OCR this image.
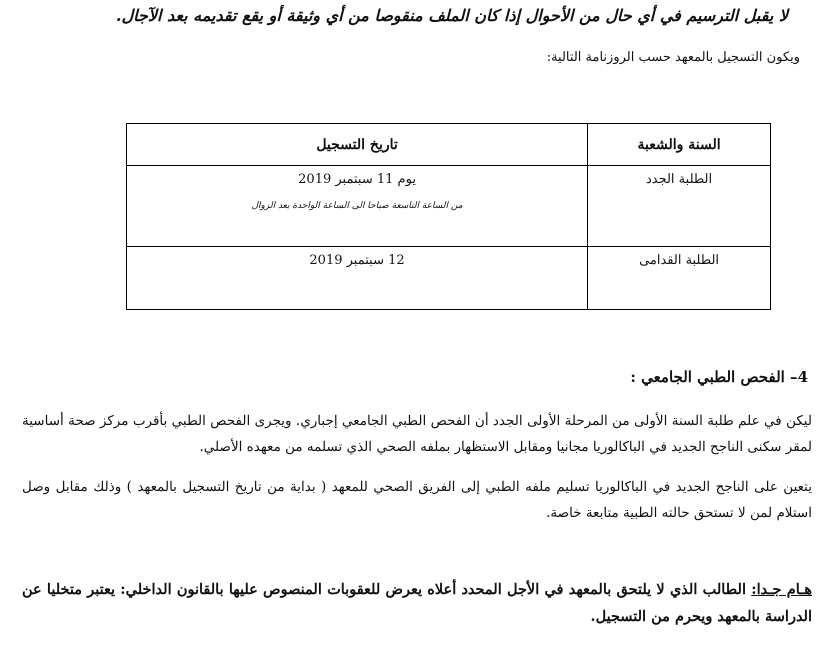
لا يقبل الترسيم في أي حال من الأحوال إذا كان الملف منقوصا من أي وثيقة أو يقع تقديمه بعد الآجال.
ويكون التسجيل بالمعهد حسب الروزنامة التالية:
السنة والشعبة	تاريخ التسجيل

الطلبة الجدد	يوم 11 سبتمبر 2019
من الساعة التاسعة صباحا الى الساعة الواحدة بعد الزوال

الطلبة القدامى	12 سبتمبر 2019
4– الفحص الطبي الجامعي :
ليكن في علم طلبة السنة الأولى من المرحلة الأولى الجدد أن الفحص الطبي الجامعي إجباري. ويجرى الفحص الطبي بأقرب مركز صحة أساسية لمقر سكنى الناجح الجديد في الباكالوريا مجانيا ومقابل الاستظهار بملفه الصحي الذي تسلمه من معهده الأصلي.
يتعين على الناجح الجديد في الباكالوريا تسليم ملفه الطبي إلى الفريق الصحي للمعهد ( بداية من تاريخ التسجيل بالمعهد ) وذلك مقابل وصل استلام لمن لا تستحق حالته الطبية متابعة خاصة.
هـام جـدا: الطالب الذي لا يلتحق بالمعهد في الأجل المحدد أعلاه يعرض للعقوبات المنصوص عليها بالقانون الداخلي: يعتبر متخليا عن الدراسة بالمعهد ويحرم من التسجيل.
